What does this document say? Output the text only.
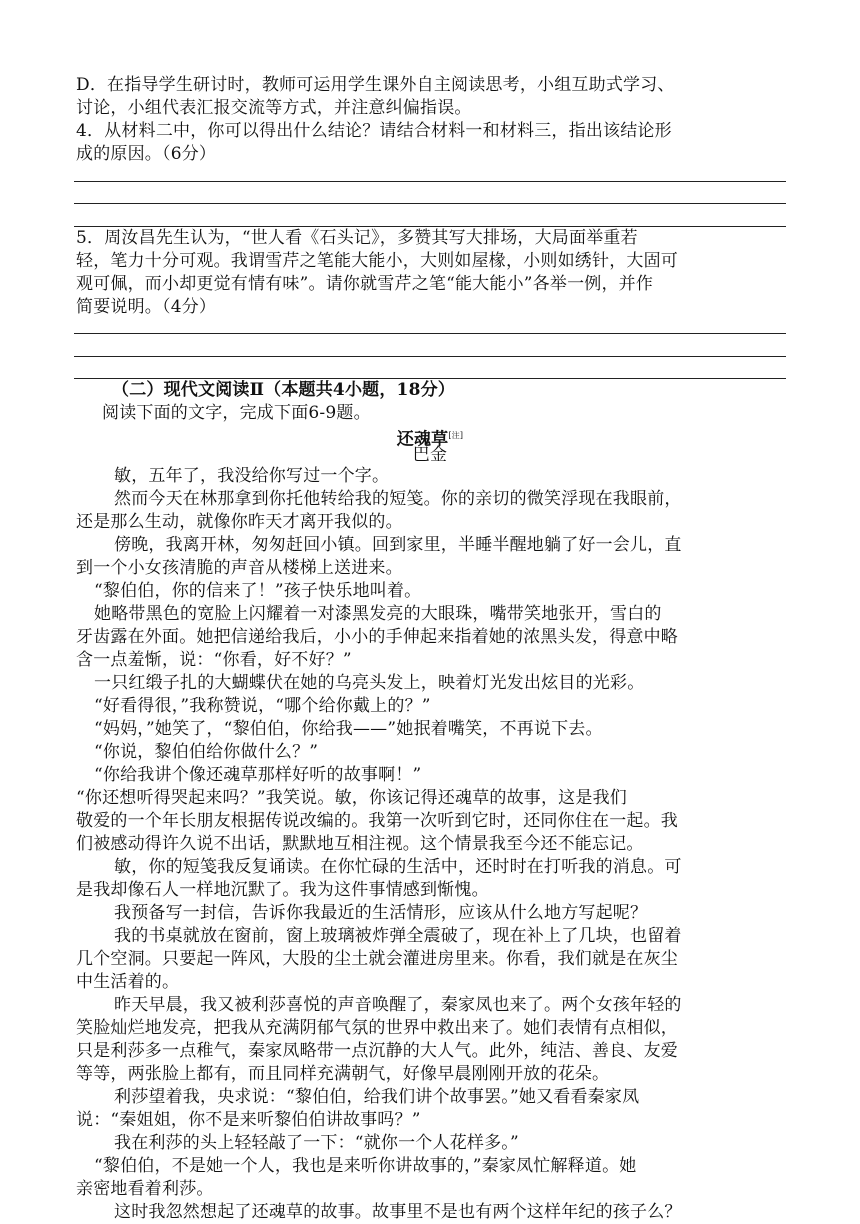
D．在指导学生研讨时，教师可运用学生课外自主阅读思考，小组互助式学习、
讨论，小组代表汇报交流等方式，并注意纠偏指误。
4．从材料二中，你可以得出什么结论？请结合材料一和材料三，指出该结论形
成的原因。（6分）
5．周汝昌先生认为，“世人看《石头记》，多赞其写大排场，大局面举重若
轻，笔力十分可观。我谓雪芹之笔能大能小，大则如屋椽，小则如绣针，大固可
观可佩，而小却更觉有情有味”。请你就雪芹之笔“能大能小”各举一例，并作
简要说明。（4分）
（二）现代文阅读Ⅱ（本题共4小题，18分）
阅读下面的文字，完成下面6-9题。
还魂草[注]
巴金
敏，五年了，我没给你写过一个字。
然而今天在林那拿到你托他转给我的短笺。你的亲切的微笑浮现在我眼前，
还是那么生动，就像你昨天才离开我似的。
傍晚，我离开林，匆匆赶回小镇。回到家里，半睡半醒地躺了好一会儿，直
到一个小女孩清脆的声音从楼梯上送进来。
“黎伯伯，你的信来了！”孩子快乐地叫着。
她略带黑色的宽脸上闪耀着一对漆黑发亮的大眼珠，嘴带笑地张开，雪白的
牙齿露在外面。她把信递给我后，小小的手伸起来指着她的浓黑头发，得意中略
含一点羞惭，说：“你看，好不好？”
一只红缎子扎的大蝴蝶伏在她的乌亮头发上，映着灯光发出炫目的光彩。
“好看得很，”我称赞说，“哪个给你戴上的？”
“妈妈，”她笑了，“黎伯伯，你给我——”她抿着嘴笑，不再说下去。
“你说，黎伯伯给你做什么？”
“你给我讲个像还魂草那样好听的故事啊！”
“你还想听得哭起来吗？”我笑说。敏，你该记得还魂草的故事，这是我们
敬爱的一个年长朋友根据传说改编的。我第一次听到它时，还同你住在一起。我
们被感动得许久说不出话，默默地互相注视。这个情景我至今还不能忘记。
敏，你的短笺我反复诵读。在你忙碌的生活中，还时时在打听我的消息。可
是我却像石人一样地沉默了。我为这件事情感到惭愧。
我预备写一封信，告诉你我最近的生活情形，应该从什么地方写起呢？
我的书桌就放在窗前，窗上玻璃被炸弹全震破了，现在补上了几块，也留着
几个空洞。只要起一阵风，大股的尘土就会灌进房里来。你看，我们就是在灰尘
中生活着的。
昨天早晨，我又被利莎喜悦的声音唤醒了，秦家凤也来了。两个女孩年轻的
笑脸灿烂地发亮，把我从充满阴郁气氛的世界中救出来了。她们表情有点相似，
只是利莎多一点稚气，秦家凤略带一点沉静的大人气。此外，纯洁、善良、友爱
等等，两张脸上都有，而且同样充满朝气，好像早晨刚刚开放的花朵。
利莎望着我，央求说：“黎伯伯，给我们讲个故事罢。”她又看看秦家凤
说：“秦姐姐，你不是来听黎伯伯讲故事吗？”
我在利莎的头上轻轻敲了一下：“就你一个人花样多。”
“黎伯伯，不是她一个人，我也是来听你讲故事的，”秦家凤忙解释道。她
亲密地看着利莎。
这时我忽然想起了还魂草的故事。故事里不是也有两个这样年纪的孩子么？
